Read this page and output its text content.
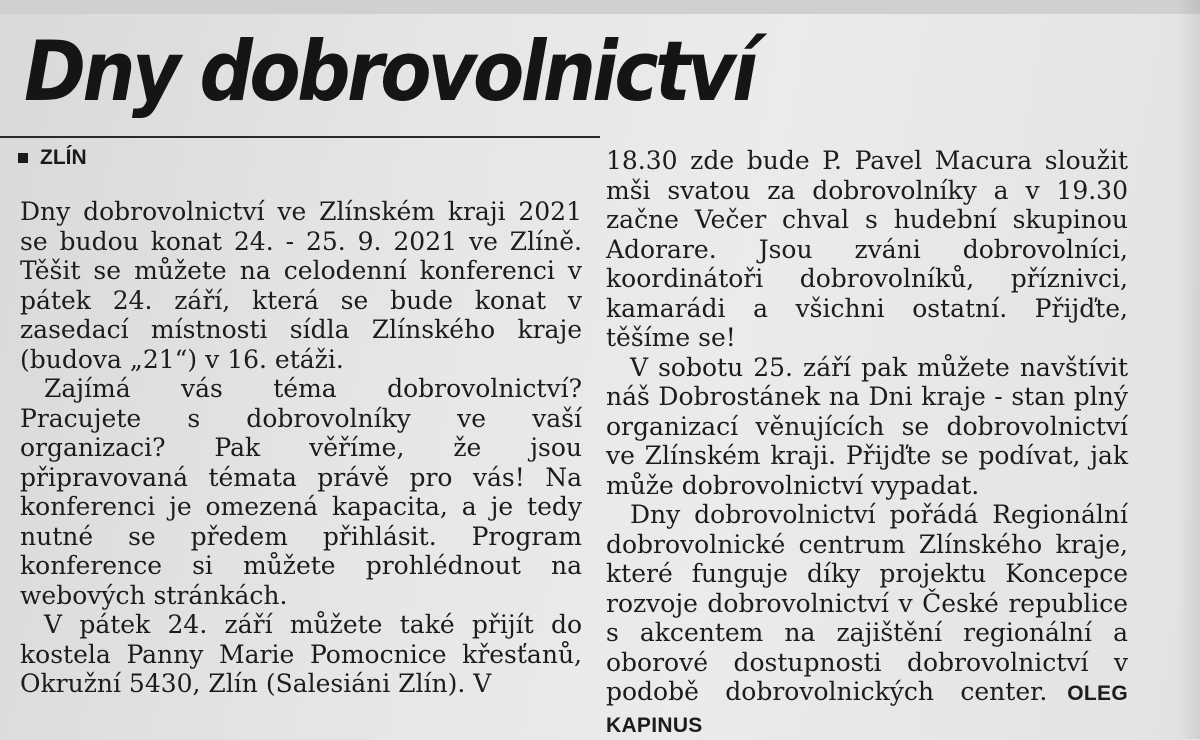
Dny dobrovolnictví
ZLÍN

Dny dobrovolnictví ve Zlínském kraji 2021 se budou konat 24. - 25. 9. 2021 ve Zlíně. Těšit se můžete na celodenní konferenci v pátek 24. září, která se bude konat v zasedací místnosti sídla Zlínského kraje (budova „21“) v 16. etáži.

Zajímá vás téma dobrovolnictví? Pracujete s dobrovolníky ve vaší organizaci? Pak věříme, že jsou připravovaná témata právě pro vás! Na konferenci je omezená kapacita, a je tedy nutné se předem přihlásit. Program konference si můžete prohlédnout na webových stránkách.

V pátek 24. září můžete také přijít do kostela Panny Marie Pomocnice křesťanů, Okružní 5430, Zlín (Salesiáni Zlín). V

18.30 zde bude P. Pavel Macura sloužit mši svatou za dobrovolníky a v 19.30 začne Večer chval s hudební skupinou Adorare. Jsou zváni dobrovolníci, koordinátoři dobrovolníků, příznivci, kamarádi a všichni ostatní. Přijďte, těšíme se!

V sobotu 25. září pak můžete navštívit náš Dobrostánek na Dni kraje - stan plný organizací věnujících se dobrovolnictví ve Zlínském kraji. Přijďte se podívat, jak může dobrovolnictví vypadat.

Dny dobrovolnictví pořádá Regionální dobrovolnické centrum Zlínského kraje, které funguje díky projektu Koncepce rozvoje dobrovolnictví v České republice s akcentem na zajištění regionální a oborové dostupnosti dobrovolnictví v podobě dobrovolnických center. OLEG KAPINUS
